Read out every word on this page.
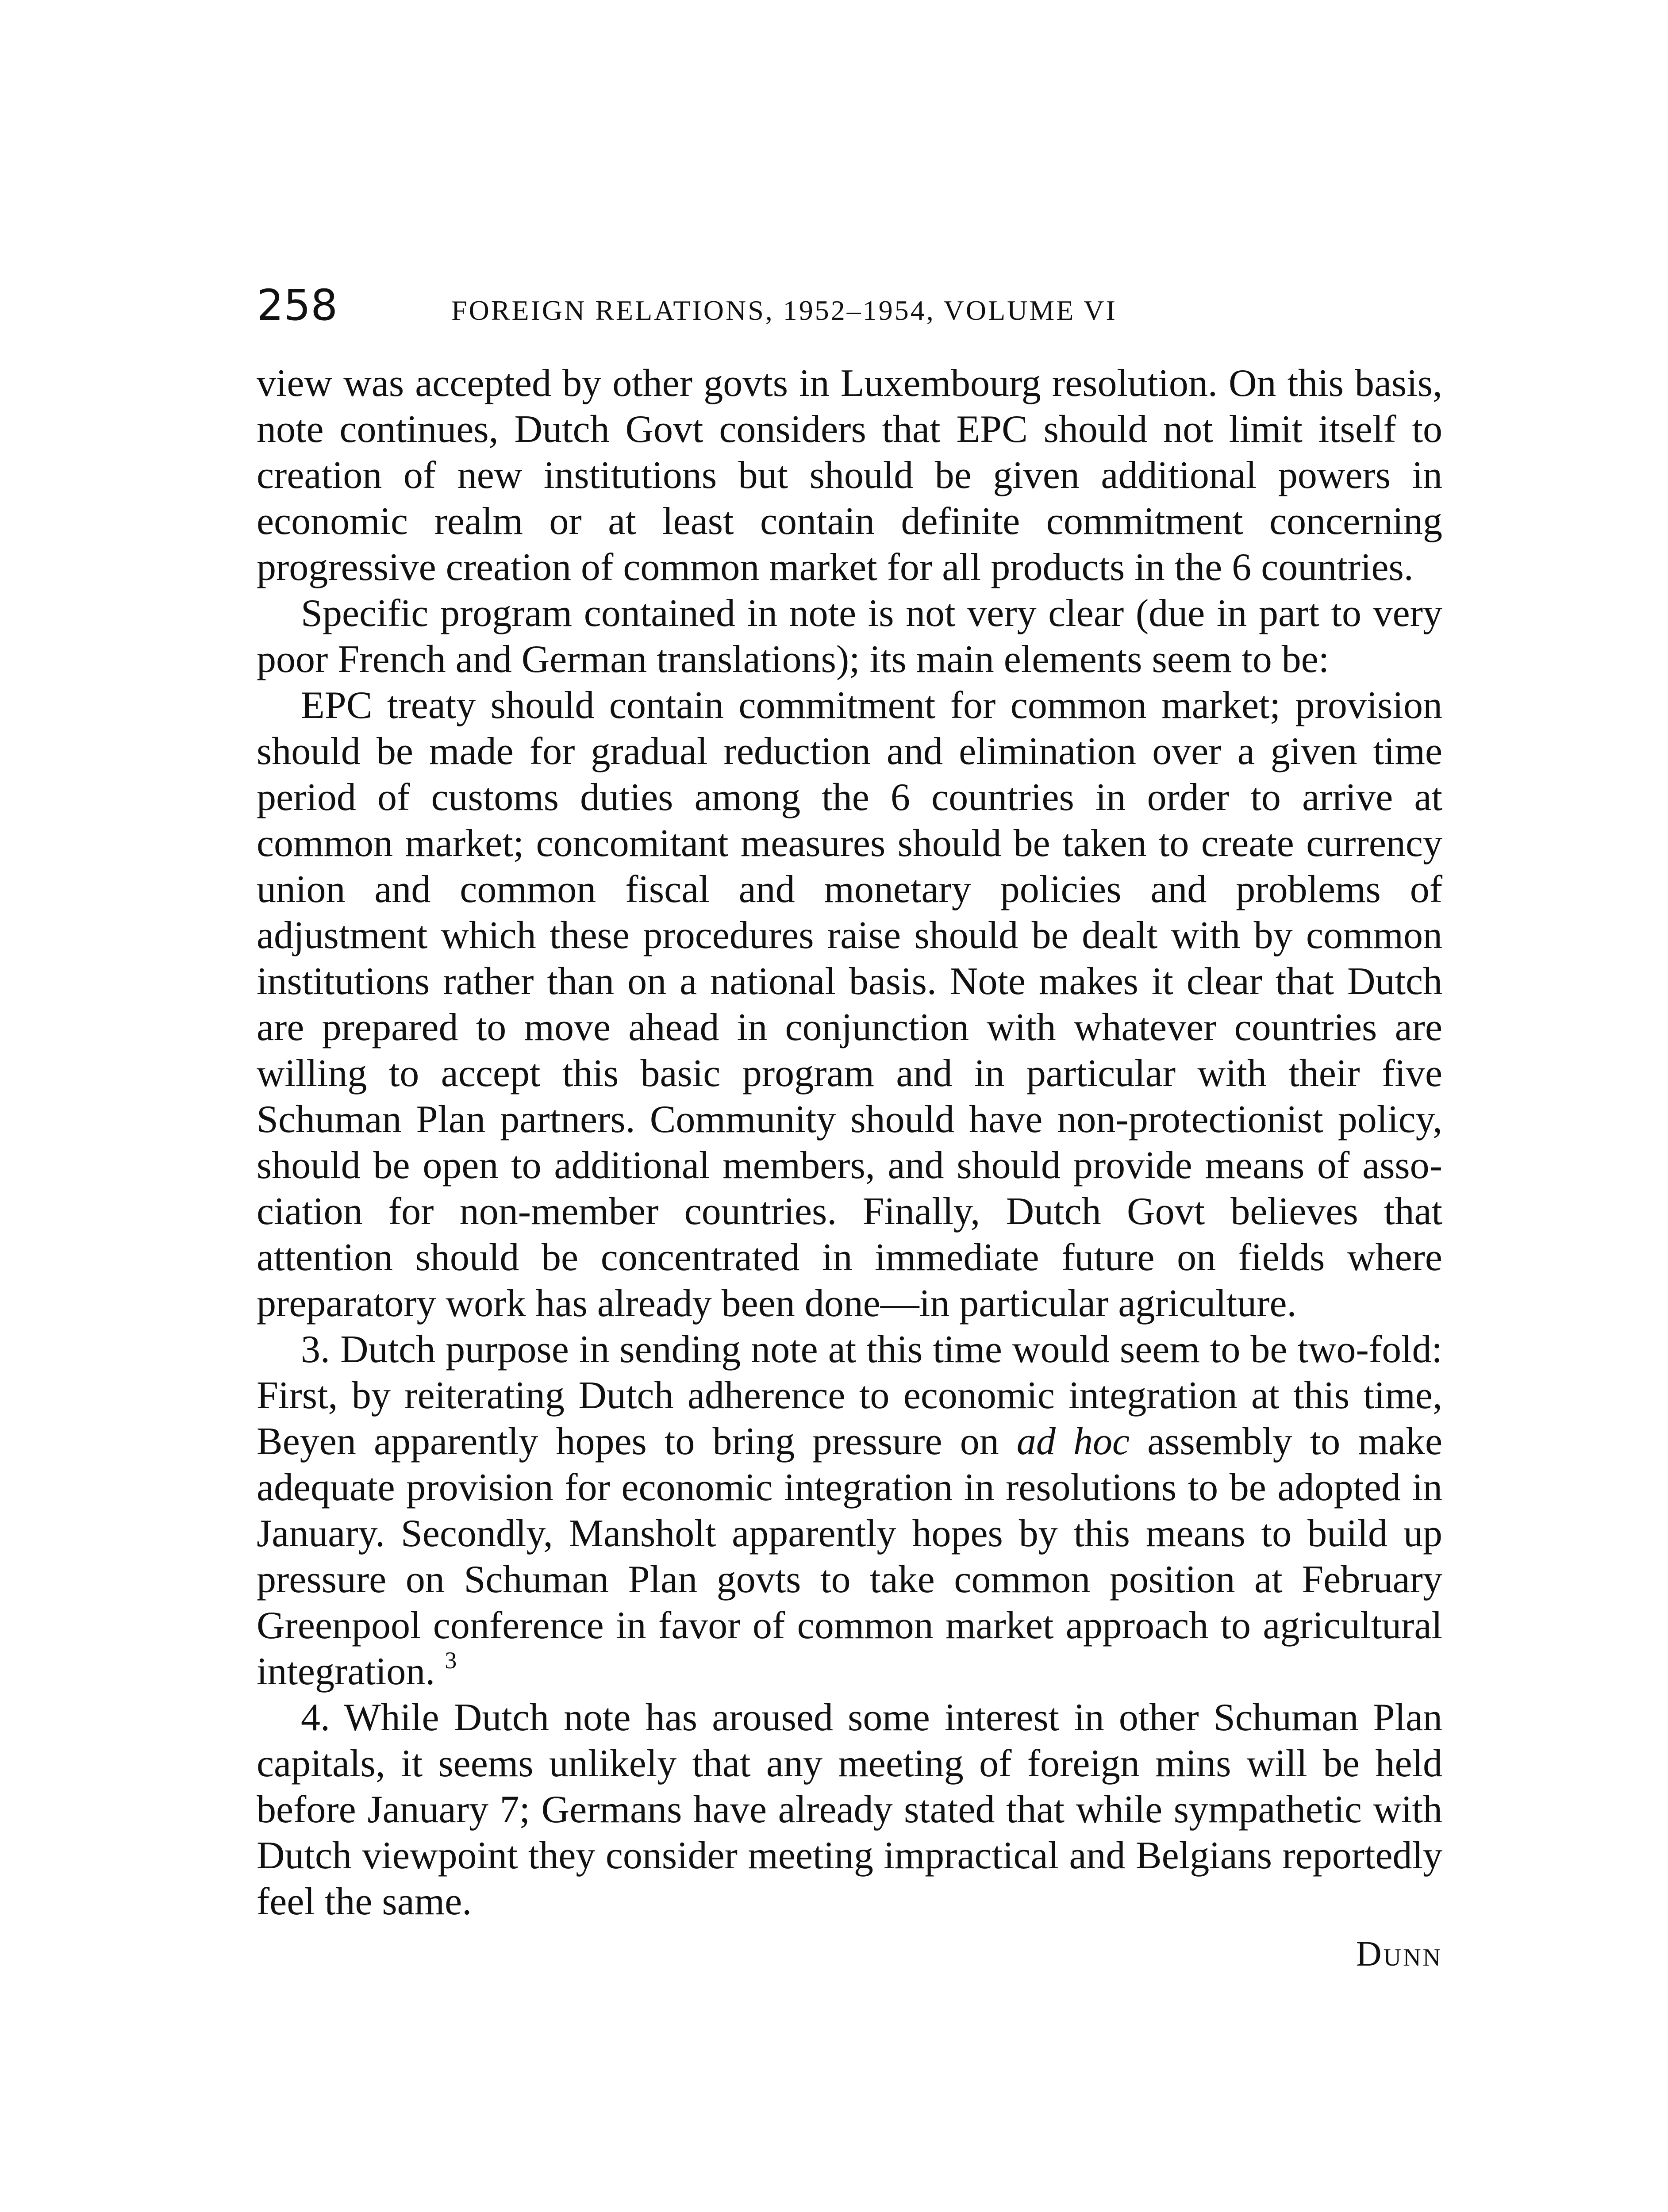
258	FOREIGN RELATIONS, 1952–1954, VOLUME VI

view was accepted by other govts in Luxembourg resolution. On this basis, note continues, Dutch Govt considers that EPC should not limit itself to creation of new institutions but should be given additional powers in economic realm or at least contain definite commitment concerning progressive creation of common market for all products in the 6 countries.

Specific program contained in note is not very clear (due in part to very poor French and German translations); its main elements seem to be:

EPC treaty should contain commitment for common market; provision should be made for gradual reduction and elimination over a given time period of customs duties among the 6 countries in order to arrive at common market; concomitant measures should be taken to create currency union and common fiscal and monetary policies and problems of adjustment which these procedures raise should be dealt with by common institutions rather than on a national basis. Note makes it clear that Dutch are prepared to move ahead in conjunction with whatever countries are willing to accept this basic program and in particular with their five Schuman Plan partners. Community should have non-protectionist policy, should be open to additional members, and should provide means of association for non-member countries. Finally, Dutch Govt believes that attention should be concentrated in immediate future on fields where preparatory work has already been done—in particular agriculture.

3. Dutch purpose in sending note at this time would seem to be two-fold: First, by reiterating Dutch adherence to economic integration at this time, Beyen apparently hopes to bring pressure on ad hoc assembly to make adequate provision for economic integration in resolutions to be adopted in January. Secondly, Mansholt apparently hopes by this means to build up pressure on Schuman Plan govts to take common position at February Greenpool conference in favor of common market approach to agricultural integration. $^3$

4. While Dutch note has aroused some interest in other Schuman Plan capitals, it seems unlikely that any meeting of foreign mins will be held before January 7; Germans have already stated that while sympathetic with Dutch viewpoint they consider meeting impractical and Belgians reportedly feel the same.

Dunn
